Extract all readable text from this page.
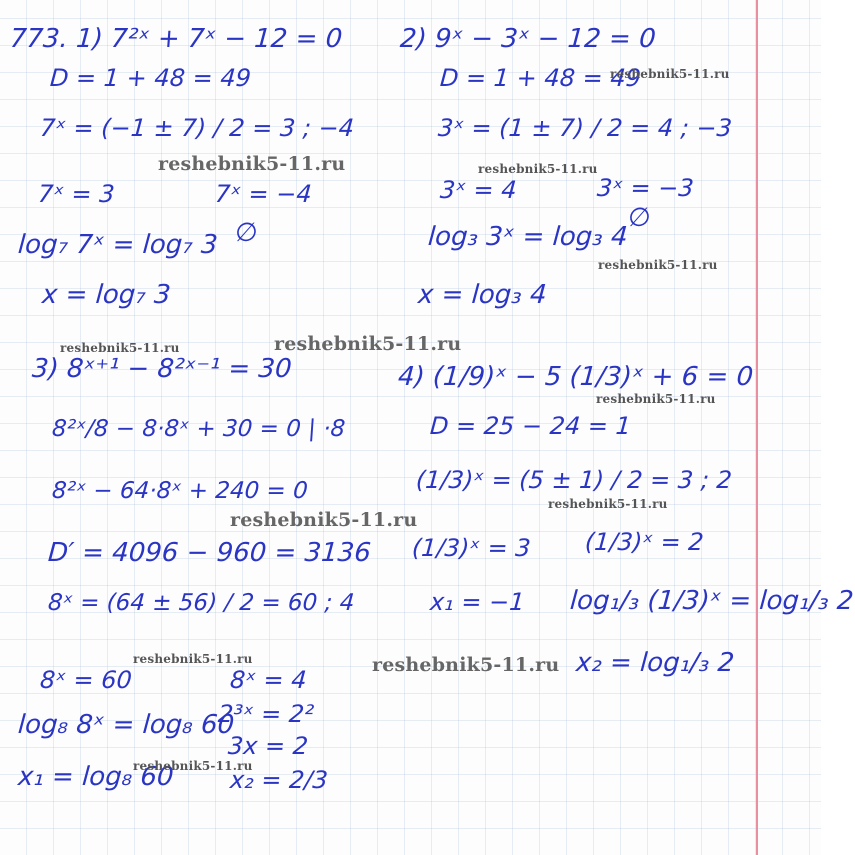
773. 1) 7²ˣ + 7ˣ − 12 = 0
D = 1 + 48 = 49
7ˣ = (−1 ± 7) / 2 = 3 ; −4
7ˣ = 3	7ˣ = −4
∅
log₇ 7ˣ = log₇ 3
x = log₇ 3
2) 9ˣ − 3ˣ − 12 = 0
D = 1 + 48 = 49
3ˣ = (1 ± 7) / 2 = 4 ; −3
3ˣ = 4	3ˣ = −3
∅
log₃ 3ˣ = log₃ 4
x = log₃ 4
3) 8ˣ⁺¹ − 8²ˣ⁻¹ = 30
8²ˣ/8 − 8·8ˣ + 30 = 0 | ·8
8²ˣ − 64·8ˣ + 240 = 0
D′ = 4096 − 960 = 3136
8ˣ = (64 ± 56) / 2 = 60 ; 4
8ˣ = 60	8ˣ = 4
2³ˣ = 2²
log₈ 8ˣ = log₈ 60
3x = 2
x₂ = 2/3
x₁ = log₈ 60
4) (1/9)ˣ − 5 (1/3)ˣ + 6 = 0
D = 25 − 24 = 1
(1/3)ˣ = (5 ± 1) / 2 = 3 ; 2
(1/3)ˣ = 3 (1/3)ˣ = 2
x₁ = −1 log₁/₃ (1/3)ˣ = log₁/₃ 2
x₂ = log₁/₃ 2
reshebnik5-11.ru
reshebnik5-11.ru	reshebnik5-11.ru
reshebnik5-11.ru
reshebnik5-11.ru	reshebnik5-11.ru
reshebnik5-11.ru
reshebnik5-11.ru
reshebnik5-11.ru
reshebnik5-11.ru	reshebnik5-11.ru
reshebnik5-11.ru
